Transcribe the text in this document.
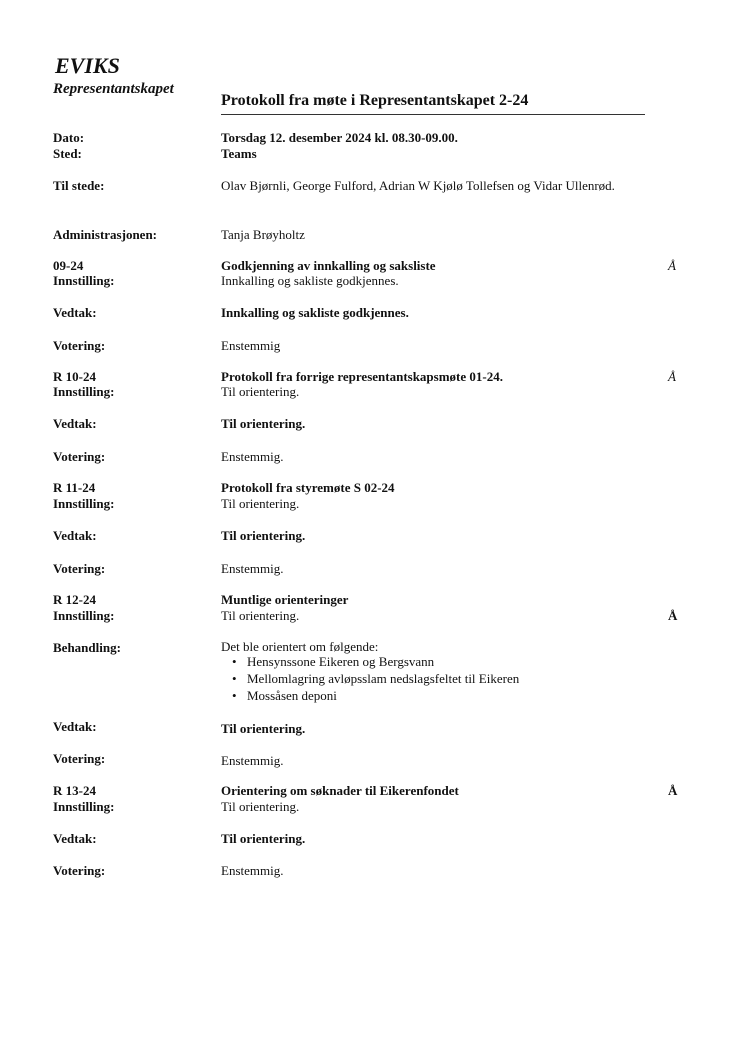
EVIKS
Representantskapet
Protokoll fra møte i Representantskapet 2-24
Dato:	Torsdag 12. desember 2024 kl. 08.30-09.00.
Sted:	Teams
Til stede:	Olav Bjørnli, George Fulford, Adrian W Kjølø Tollefsen og Vidar Ullenrød.
Administrasjonen:	Tanja Brøyholtz
09-24	Godkjenning av innkalling og saksliste	Å
Innstilling:	Innkalling og sakliste godkjennes.
Vedtak:	Innkalling og sakliste godkjennes.
Votering:	Enstemmig
R 10-24	Protokoll fra forrige representantskapsmøte 01-24.	Å
Innstilling:	Til orientering.
Vedtak:	Til orientering.
Votering:	Enstemmig.
R 11-24	Protokoll fra styremøte S 02-24
Innstilling:	Til orientering.
Vedtak:	Til orientering.
Votering:	Enstemmig.
R 12-24	Muntlige orienteringer
Innstilling:	Til orientering.	Å
Behandling:	Det ble orientert om følgende:
• Hensynssone Eikeren og Bergsvann
• Mellomlagring avløpsslam nedslagsfeltet til Eikeren
• Mossåsen deponi
Vedtak:	Til orientering.
Votering:	Enstemmig.
R 13-24	Orientering om søknader til Eikerenfondet	Å
Innstilling:	Til orientering.
Vedtak:	Til orientering.
Votering:	Enstemmig.
